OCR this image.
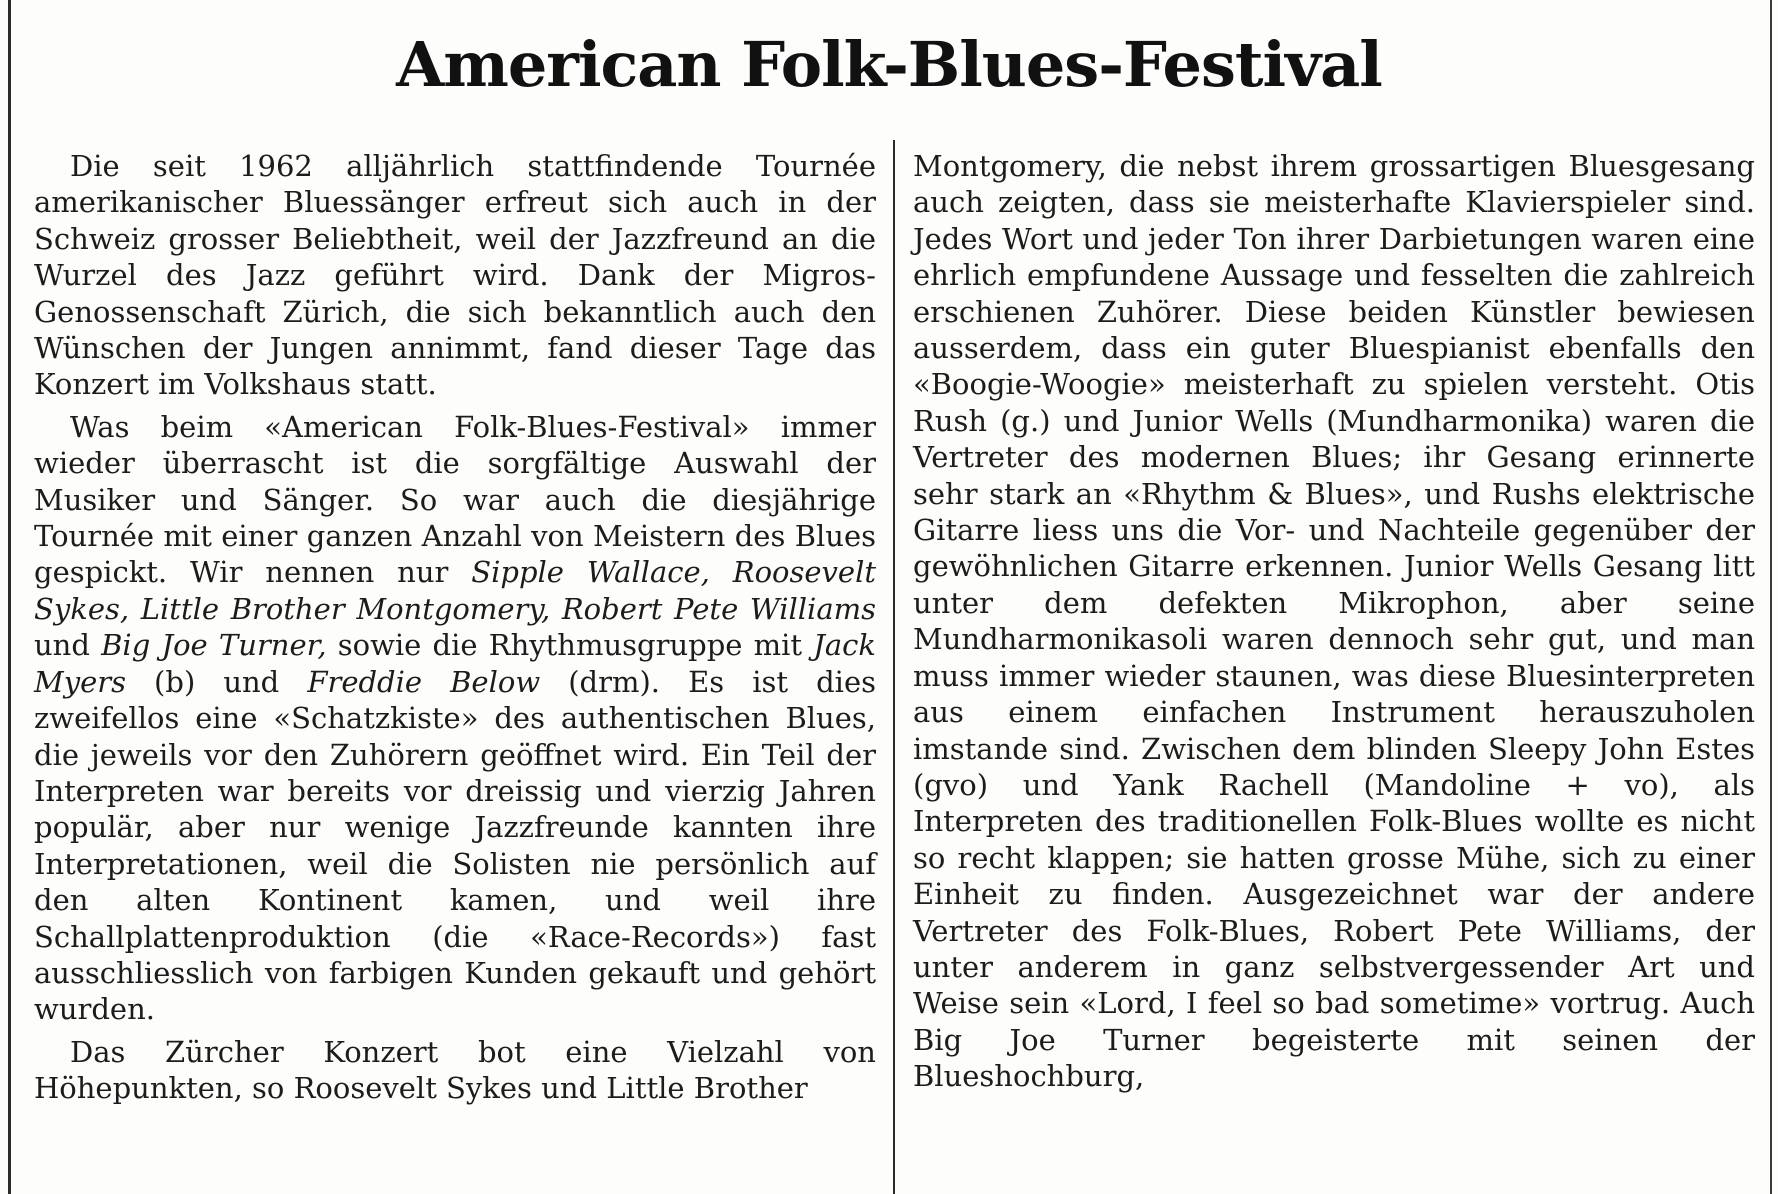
American Folk-Blues-Festival

Die seit 1962 alljährlich stattfindende Tournée amerikanischer Bluessänger erfreut sich auch in der Schweiz grosser Beliebtheit, weil der Jazzfreund an die Wurzel des Jazz geführt wird. Dank der Migros-Genossenschaft Zürich, die sich bekanntlich auch den Wünschen der Jungen annimmt, fand dieser Tage das Konzert im Volkshaus statt.

Was beim «American Folk-Blues-Festival» immer wieder überrascht ist die sorgfältige Auswahl der Musiker und Sänger. So war auch die diesjährige Tournée mit einer ganzen Anzahl von Meistern des Blues gespickt. Wir nennen nur Sipple Wallace, Roosevelt Sykes, Little Brother Montgomery, Robert Pete Williams und Big Joe Turner, sowie die Rhythmusgruppe mit Jack Myers (b) und Freddie Below (drm). Es ist dies zweifellos eine «Schatzkiste» des authentischen Blues, die jeweils vor den Zuhörern geöffnet wird. Ein Teil der Interpreten war bereits vor dreissig und vierzig Jahren populär, aber nur wenige Jazzfreunde kannten ihre Interpretationen, weil die Solisten nie persönlich auf den alten Kontinent kamen, und weil ihre Schallplattenproduktion (die «Race-Records») fast ausschliesslich von farbigen Kunden gekauft und gehört wurden.

Das Zürcher Konzert bot eine Vielzahl von Höhepunkten, so Roosevelt Sykes und Little Brother

Montgomery, die nebst ihrem grossartigen Bluesgesang auch zeigten, dass sie meisterhafte Klavierspieler sind. Jedes Wort und jeder Ton ihrer Darbietungen waren eine ehrlich empfundene Aussage und fesselten die zahlreich erschienen Zuhörer. Diese beiden Künstler bewiesen ausserdem, dass ein guter Bluespianist ebenfalls den «Boogie-Woogie» meisterhaft zu spielen versteht. Otis Rush (g.) und Junior Wells (Mundharmonika) waren die Vertreter des modernen Blues; ihr Gesang erinnerte sehr stark an «Rhythm & Blues», und Rushs elektrische Gitarre liess uns die Vor- und Nachteile gegenüber der gewöhnlichen Gitarre erkennen. Junior Wells Gesang litt unter dem defekten Mikrophon, aber seine Mundharmonikasoli waren dennoch sehr gut, und man muss immer wieder staunen, was diese Bluesinterpreten aus einem einfachen Instrument herauszuholen imstande sind. Zwischen dem blinden Sleepy John Estes (gvo) und Yank Rachell (Mandoline + vo), als Interpreten des traditionellen Folk-Blues wollte es nicht so recht klappen; sie hatten grosse Mühe, sich zu einer Einheit zu finden. Ausgezeichnet war der andere Vertreter des Folk-Blues, Robert Pete Williams, der unter anderem in ganz selbstvergessender Art und Weise sein «Lord, I feel so bad sometime» vortrug. Auch Big Joe Turner begeisterte mit seinen der Blueshochburg,
